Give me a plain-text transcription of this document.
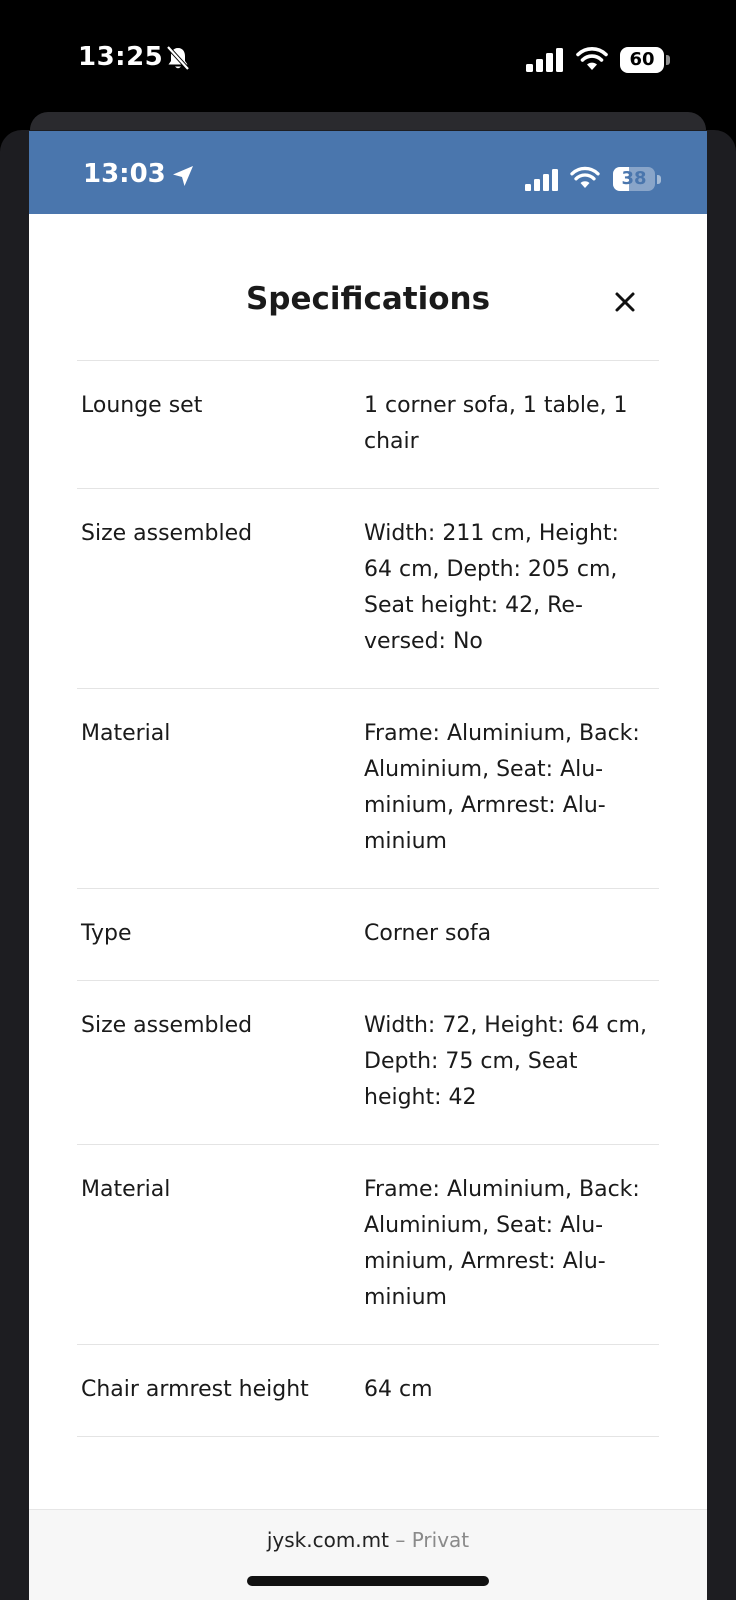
13:25	60
13:03	38
Specifications
Lounge set	1 corner sofa, 1 table, 1
chair
Size assembled	Width: 211 cm, Height:
64 cm, Depth: 205 cm,
Seat height: 42, Re-
versed: No
Material	Frame: Aluminium, Back:
Aluminium, Seat: Alu-
minium, Armrest: Alu-
minium
Type	Corner sofa
Size assembled	Width: 72, Height: 64 cm,
Depth: 75 cm, Seat
height: 42
Material	Frame: Aluminium, Back:
Aluminium, Seat: Alu-
minium, Armrest: Alu-
minium
Chair armrest height	64 cm
jysk.com.mt – Privat
